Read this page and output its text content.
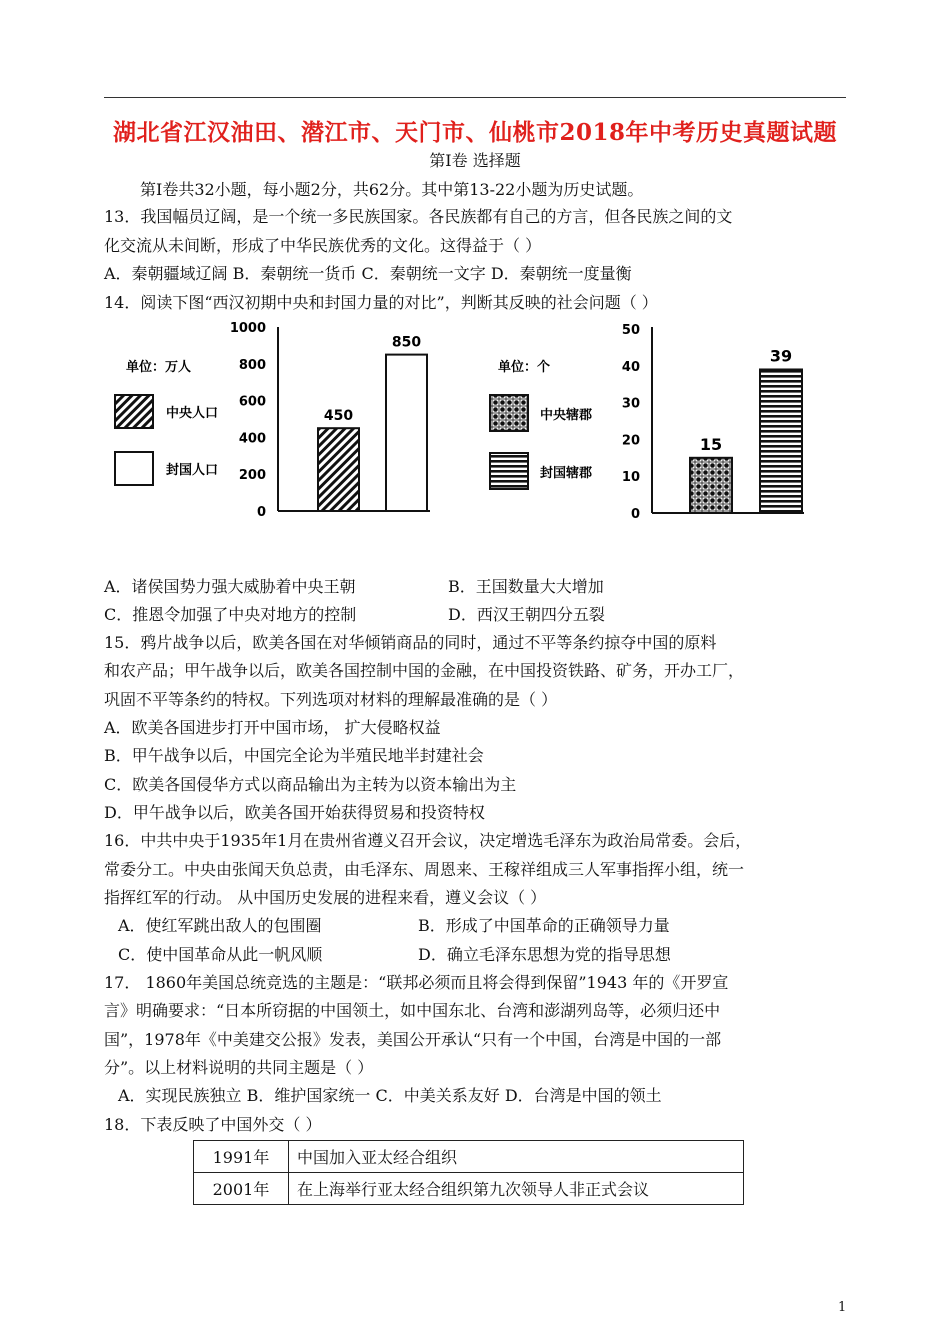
湖北省江汉油田、潜江市、天门市、仙桃市2018年中考历史真题试题
第Ⅰ卷 选择题
第Ⅰ卷共32小题，每小题2分，共62分。其中第13-22小题为历史试题。
13．我国幅员辽阔，是一个统一多民族国家。各民族都有自己的方言，但各民族之间的文
化交流从未间断，形成了中华民族优秀的文化。这得益于（ ）
A．秦朝疆域辽阔 B．秦朝统一货币 C．秦朝统一文字 D．秦朝统一度量衡
14．阅读下图“西汉初期中央和封国力量的对比”，判断其反映的社会问题（ ）
单位：万人
中央人口
封国人口
0
200
400
600
800
1000
450
850
单位：个
中央辖郡
封国辖郡
0
10
20
30
40
50
15
39
A．诸侯国势力强大威胁着中央王朝	B．王国数量大大增加
C．推恩令加强了中央对地方的控制	D．西汉王朝四分五裂
15．鸦片战争以后，欧美各国在对华倾销商品的同时，通过不平等条约掠夺中国的原料
和农产品；甲午战争以后，欧美各国控制中国的金融，在中国投资铁路、矿务，开办工厂，
巩固不平等条约的特权。下列选项对材料的理解最准确的是（ ）
A．欧美各国进步打开中国市场， 扩大侵略权益
B．甲午战争以后，中国完全论为半殖民地半封建社会
C．欧美各国侵华方式以商品输出为主转为以资本输出为主
D．甲午战争以后，欧美各国开始获得贸易和投资特权
16．中共中央于1935年1月在贵州省遵义召开会议，决定增选毛泽东为政治局常委。会后，
常委分工。中央由张闻天负总责，由毛泽东、周恩来、王稼祥组成三人军事指挥小组，统一
指挥红军的行动。 从中国历史发展的进程来看，遵义会议（ ）
A．使红军跳出敌人的包围圈	B．形成了中国革命的正确领导力量
C．使中国革命从此一帆风顺	D．确立毛泽东思想为党的指导思想
17． 1860年美国总统竞选的主题是：“联邦必须而且将会得到保留”1943 年的《开罗宣
言》明确要求：“日本所窃据的中国领土，如中国东北、台湾和澎湖列岛等，必须归还中
国”，1978年《中美建交公报》发表，美国公开承认“只有一个中国，台湾是中国的一部
分”。以上材料说明的共同主题是（ ）
A．实现民族独立 B．维护国家统一 C．中美关系友好 D．台湾是中国的领土
18．下表反映了中国外交（ ）
1991年	中国加入亚太经合组织
2001年	在上海举行亚太经合组织第九次领导人非正式会议
1
